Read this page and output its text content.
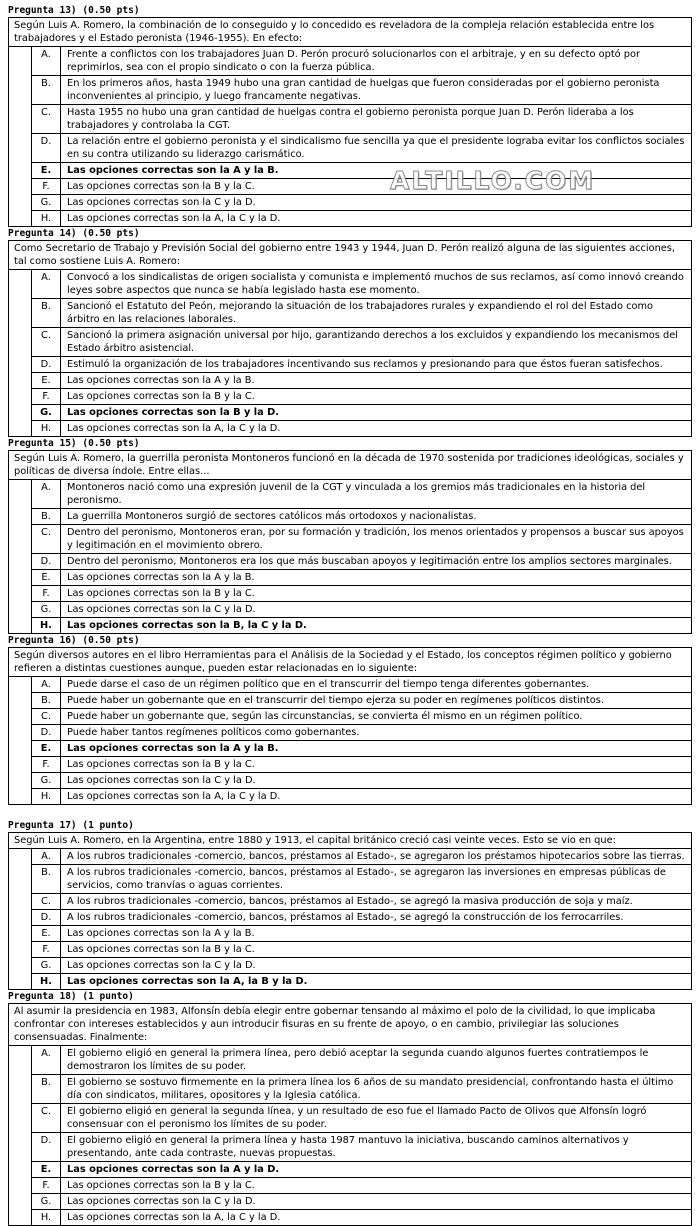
Pregunta 13) (0.50 pts)
Según Luis A. Romero, la combinación de lo conseguido y lo concedido es reveladora de la compleja relación establecida entre los trabajadores y el Estado peronista (1946-1955). En efecto:
A.	Frente a conflictos con los trabajadores Juan D. Perón procuró solucionarlos con el arbitraje, y en su defecto optó por reprimirlos, sea con el propio sindicato o con la fuerza pública.
B.	En los primeros años, hasta 1949 hubo una gran cantidad de huelgas que fueron consideradas por el gobierno peronista inconvenientes al principio, y luego francamente negativas.
C.	Hasta 1955 no hubo una gran cantidad de huelgas contra el gobierno peronista porque Juan D. Perón lideraba a los trabajadores y controlaba la CGT.
D.	La relación entre el gobierno peronista y el sindicalismo fue sencilla ya que el presidente lograba evitar los conflictos sociales en su contra utilizando su liderazgo carismático.
E.	Las opciones correctas son la A y la B.
F.	Las opciones correctas son la B y la C.
G.	Las opciones correctas son la C y la D.
H.	Las opciones correctas son la A, la C y la D.
Pregunta 14) (0.50 pts)
Como Secretario de Trabajo y Previsión Social del gobierno entre 1943 y 1944, Juan D. Perón realizó alguna de las siguientes acciones, tal como sostiene Luis A. Romero:
A.	Convocó a los sindicalistas de origen socialista y comunista e implementó muchos de sus reclamos, así como innovó creando leyes sobre aspectos que nunca se había legislado hasta ese momento.
B.	Sancionó el Estatuto del Peón, mejorando la situación de los trabajadores rurales y expandiendo el rol del Estado como árbitro en las relaciones laborales.
C.	Sancionó la primera asignación universal por hijo, garantizando derechos a los excluidos y expandiendo los mecanismos del Estado árbitro asistencial.
D.	Estimuló la organización de los trabajadores incentivando sus reclamos y presionando para que éstos fueran satisfechos.
E.	Las opciones correctas son la A y la B.
F.	Las opciones correctas son la B y la C.
G.	Las opciones correctas son la B y la D.
H.	Las opciones correctas son la A, la C y la D.
Pregunta 15) (0.50 pts)
Según Luis A. Romero, la guerrilla peronista Montoneros funcionó en la década de 1970 sostenida por tradiciones ideológicas, sociales y políticas de diversa índole. Entre ellas...
A.	Montoneros nació como una expresión juvenil de la CGT y vinculada a los gremios más tradicionales en la historia del peronismo.
B.	La guerrilla Montoneros surgió de sectores católicos más ortodoxos y nacionalistas.
C.	Dentro del peronismo, Montoneros eran, por su formación y tradición, los menos orientados y propensos a buscar sus apoyos y legitimación en el movimiento obrero.
D.	Dentro del peronismo, Montoneros era los que más buscaban apoyos y legitimación entre los amplios sectores marginales.
E.	Las opciones correctas son la A y la B.
F.	Las opciones correctas son la B y la C.
G.	Las opciones correctas son la C y la D.
H.	Las opciones correctas son la B, la C y la D.
Pregunta 16) (0.50 pts)
Según diversos autores en el libro Herramientas para el Análisis de la Sociedad y el Estado, los conceptos régimen político y gobierno refieren a distintas cuestiones aunque, pueden estar relacionadas en lo siguiente:
A.	Puede darse el caso de un régimen político que en el transcurrir del tiempo tenga diferentes gobernantes.
B.	Puede haber un gobernante que en el transcurrir del tiempo ejerza su poder en regímenes políticos distintos.
C.	Puede haber un gobernante que, según las circunstancias, se convierta él mismo en un régimen político.
D.	Puede haber tantos regímenes políticos como gobernantes.
E.	Las opciones correctas son la A y la B.
F.	Las opciones correctas son la B y la C.
G.	Las opciones correctas son la C y la D.
H.	Las opciones correctas son la A, la C y la D.
Pregunta 17) (1 punto)
Según Luis A. Romero, en la Argentina, entre 1880 y 1913, el capital británico creció casi veinte veces. Esto se vio en que:
A.	A los rubros tradicionales -comercio, bancos, préstamos al Estado-, se agregaron los préstamos hipotecarios sobre las tierras.
B.	A los rubros tradicionales -comercio, bancos, préstamos al Estado-, se agregaron las inversiones en empresas públicas de servicios, como tranvías o aguas corrientes.
C.	A los rubros tradicionales -comercio, bancos, préstamos al Estado-, se agregó la masiva producción de soja y maíz.
D.	A los rubros tradicionales -comercio, bancos, préstamos al Estado-, se agregó la construcción de los ferrocarriles.
E.	Las opciones correctas son la A y la B.
F.	Las opciones correctas son la B y la C.
G.	Las opciones correctas son la C y la D.
H.	Las opciones correctas son la A, la B y la D.
Pregunta 18) (1 punto)
Al asumir la presidencia en 1983, Alfonsín debía elegir entre gobernar tensando al máximo el polo de la civilidad, lo que implicaba confrontar con intereses establecidos y aun introducir fisuras en su frente de apoyo, o en cambio, privilegiar las soluciones consensuadas. Finalmente:
A.	El gobierno eligió en general la primera línea, pero debió aceptar la segunda cuando algunos fuertes contratiempos le demostraron los límites de su poder.
B.	El gobierno se sostuvo firmemente en la primera línea los 6 años de su mandato presidencial, confrontando hasta el último día con sindicatos, militares, opositores y la Iglesia católica.
C.	El gobierno eligió en general la segunda línea, y un resultado de eso fue el llamado Pacto de Olivos que Alfonsín logró consensuar con el peronismo los límites de su poder.
D.	El gobierno eligió en general la primera línea y hasta 1987 mantuvo la iniciativa, buscando caminos alternativos y presentando, ante cada contraste, nuevas propuestas.
E.	Las opciones correctas son la A y la D.
F.	Las opciones correctas son la B y la C.
G.	Las opciones correctas son la C y la D.
H.	Las opciones correctas son la A, la C y la D.
ALTILLO.COM
